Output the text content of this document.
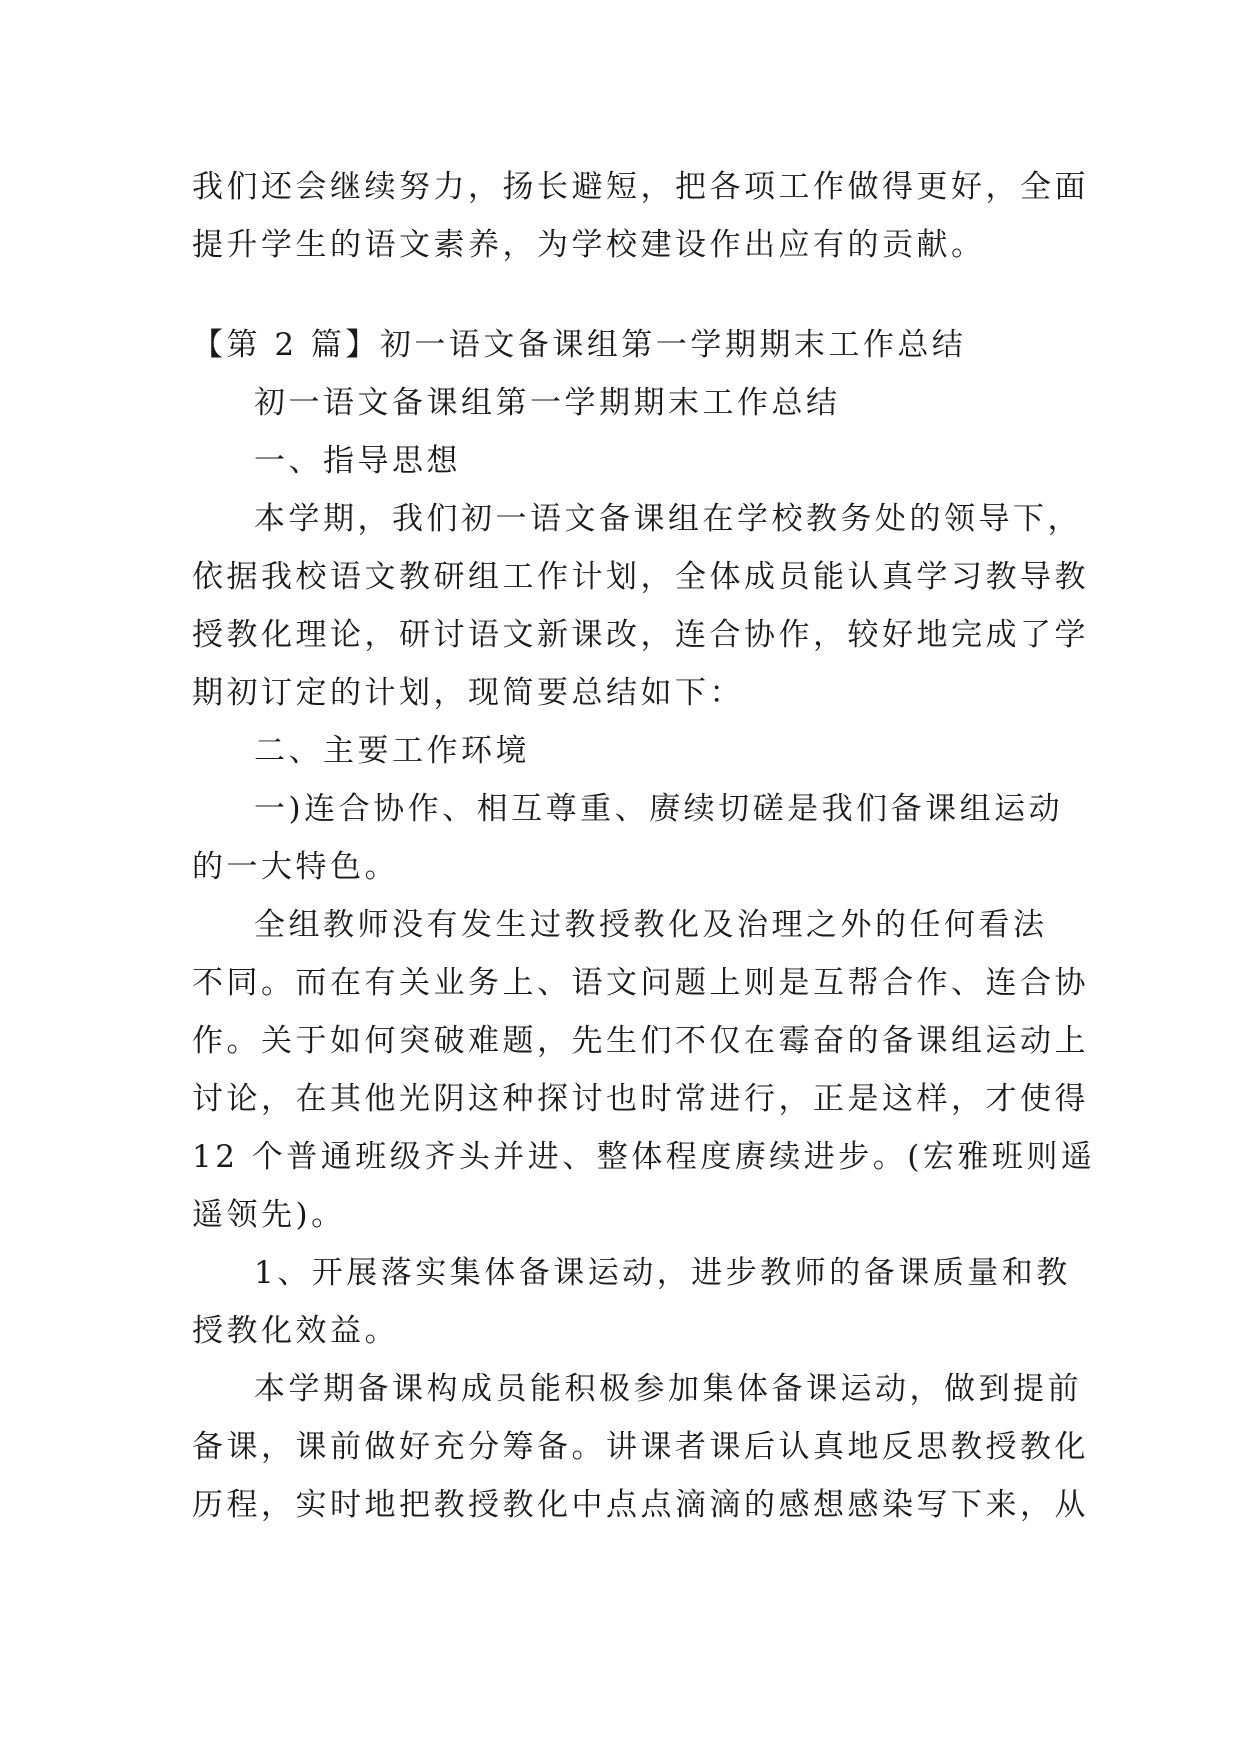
我们还会继续努力，扬长避短，把各项工作做得更好，全面
提升学生的语文素养，为学校建设作出应有的贡献。
【第 2 篇】初一语文备课组第一学期期末工作总结
初一语文备课组第一学期期末工作总结
一、指导思想
本学期，我们初一语文备课组在学校教务处的领导下，
依据我校语文教研组工作计划，全体成员能认真学习教导教
授教化理论，研讨语文新课改，连合协作，较好地完成了学
期初订定的计划，现简要总结如下：
二、主要工作环境
一)连合协作、相互尊重、赓续切磋是我们备课组运动
的一大特色。
全组教师没有发生过教授教化及治理之外的任何看法
不同。而在有关业务上、语文问题上则是互帮合作、连合协
作。关于如何突破难题，先生们不仅在霉奋的备课组运动上
讨论，在其他光阴这种探讨也时常进行，正是这样，才使得
12 个普通班级齐头并进、整体程度赓续进步。(宏雅班则遥
遥领先)。
1、开展落实集体备课运动，进步教师的备课质量和教
授教化效益。
本学期备课构成员能积极参加集体备课运动，做到提前
备课，课前做好充分筹备。讲课者课后认真地反思教授教化
历程，实时地把教授教化中点点滴滴的感想感染写下来，从
